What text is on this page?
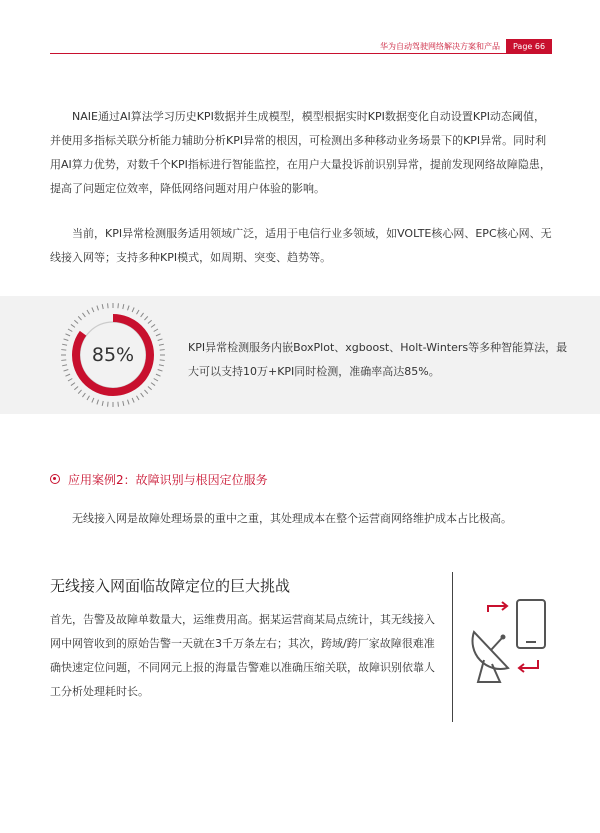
华为自动驾驶网络解决方案和产品	Page 66

NAIE通过AI算法学习历史KPI数据并生成模型，模型根据实时KPI数据变化自动设置KPI动态阈值，并使用多指标关联分析能力辅助分析KPI异常的根因，可检测出多种移动业务场景下的KPI异常。同时利用AI算力优势，对数千个KPI指标进行智能监控，在用户大量投诉前识别异常，提前发现网络故障隐患，提高了问题定位效率，降低网络问题对用户体验的影响。

当前，KPI异常检测服务适用领域广泛，适用于电信行业多领域，如VOLTE核心网、EPC核心网、无线接入网等；支持多种KPI模式，如周期、突变、趋势等。

85%	KPI异常检测服务内嵌BoxPlot、xgboost、Holt-Winters等多种智能算法，最大可以支持10万+KPI同时检测，准确率高达85%。
应用案例2：故障识别与根因定位服务

无线接入网是故障处理场景的重中之重，其处理成本在整个运营商网络维护成本占比极高。

无线接入网面临故障定位的巨大挑战

首先，告警及故障单数量大，运维费用高。据某运营商某局点统计，其无线接入网中网管收到的原始告警一天就在3千万条左右；其次，跨域/跨厂家故障很难准确快速定位问题，不同网元上报的海量告警难以准确压缩关联，故障识别依靠人工分析处理耗时长。
